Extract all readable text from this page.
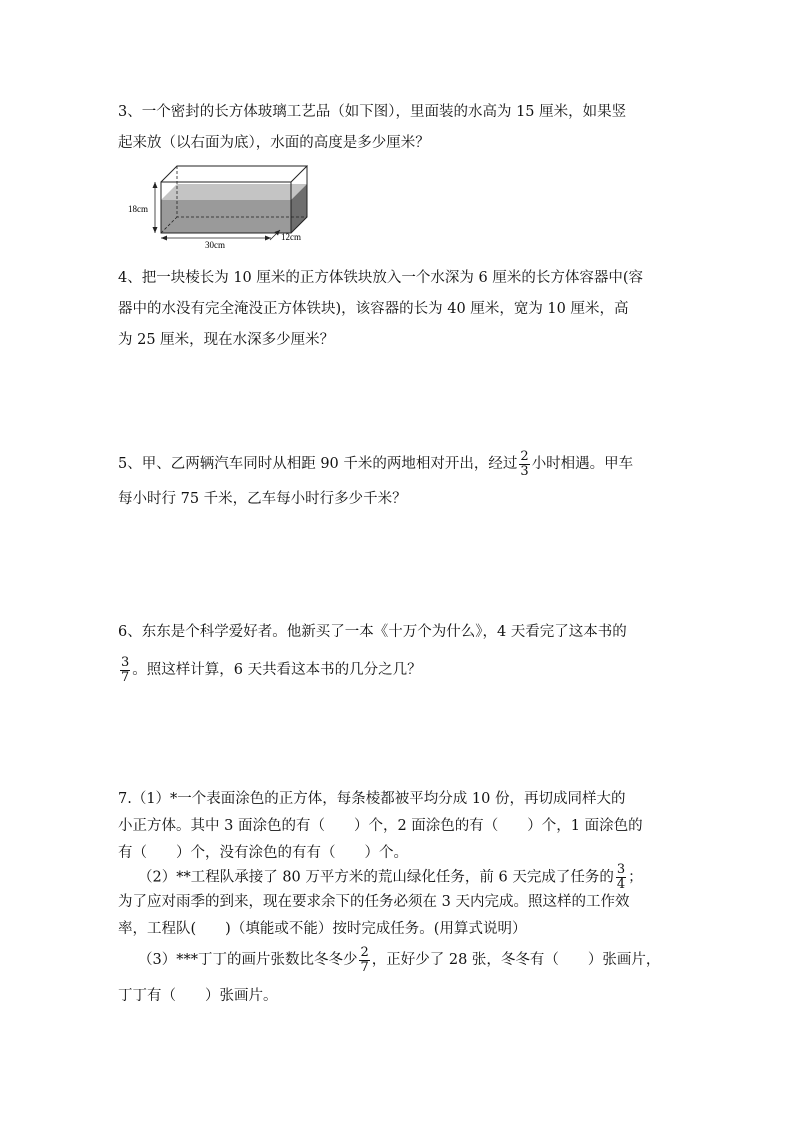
3、一个密封的长方体玻璃工艺品（如下图），里面装的水高为 15 厘米，如果竖
起来放（以右面为底），水面的高度是多少厘米？
18cm
30cm
12cm
4、把一块棱长为 10 厘米的正方体铁块放入一个水深为 6 厘米的长方体容器中(容
器中的水没有完全淹没正方体铁块)，该容器的长为 40 厘米，宽为 10 厘米，高
为 25 厘米，现在水深多少厘米？
5、甲、乙两辆汽车同时从相距 90 千米的两地相对开出，经过 $\frac{2}{3}$ 小时相遇。甲车
每小时行 75 千米，乙车每小时行多少千米？
6、东东是个科学爱好者。他新买了一本《十万个为什么》，4 天看完了这本书的
$\frac{3}{7}$ 。照这样计算，6 天共看这本书的几分之几？
7.（1）*一个表面涂色的正方体，每条棱都被平均分成 10 份，再切成同样大的
小正方体。其中 3 面涂色的有（　　）个，2 面涂色的有（　　）个，1 面涂色的
有（　　）个，没有涂色的有有（　　）个。
（2）**工程队承接了 80 万平方米的荒山绿化任务，前 6 天完成了任务的 $\frac{3}{4}$ ；
为了应对雨季的到来，现在要求余下的任务必须在 3 天内完成。照这样的工作效
率，工程队(　　)（填能或不能）按时完成任务。(用算式说明）
（3）***丁丁的画片张数比冬冬少 $\frac{2}{7}$ ，正好少了 28 张，冬冬有（　　）张画片，
丁丁有（　　）张画片。
